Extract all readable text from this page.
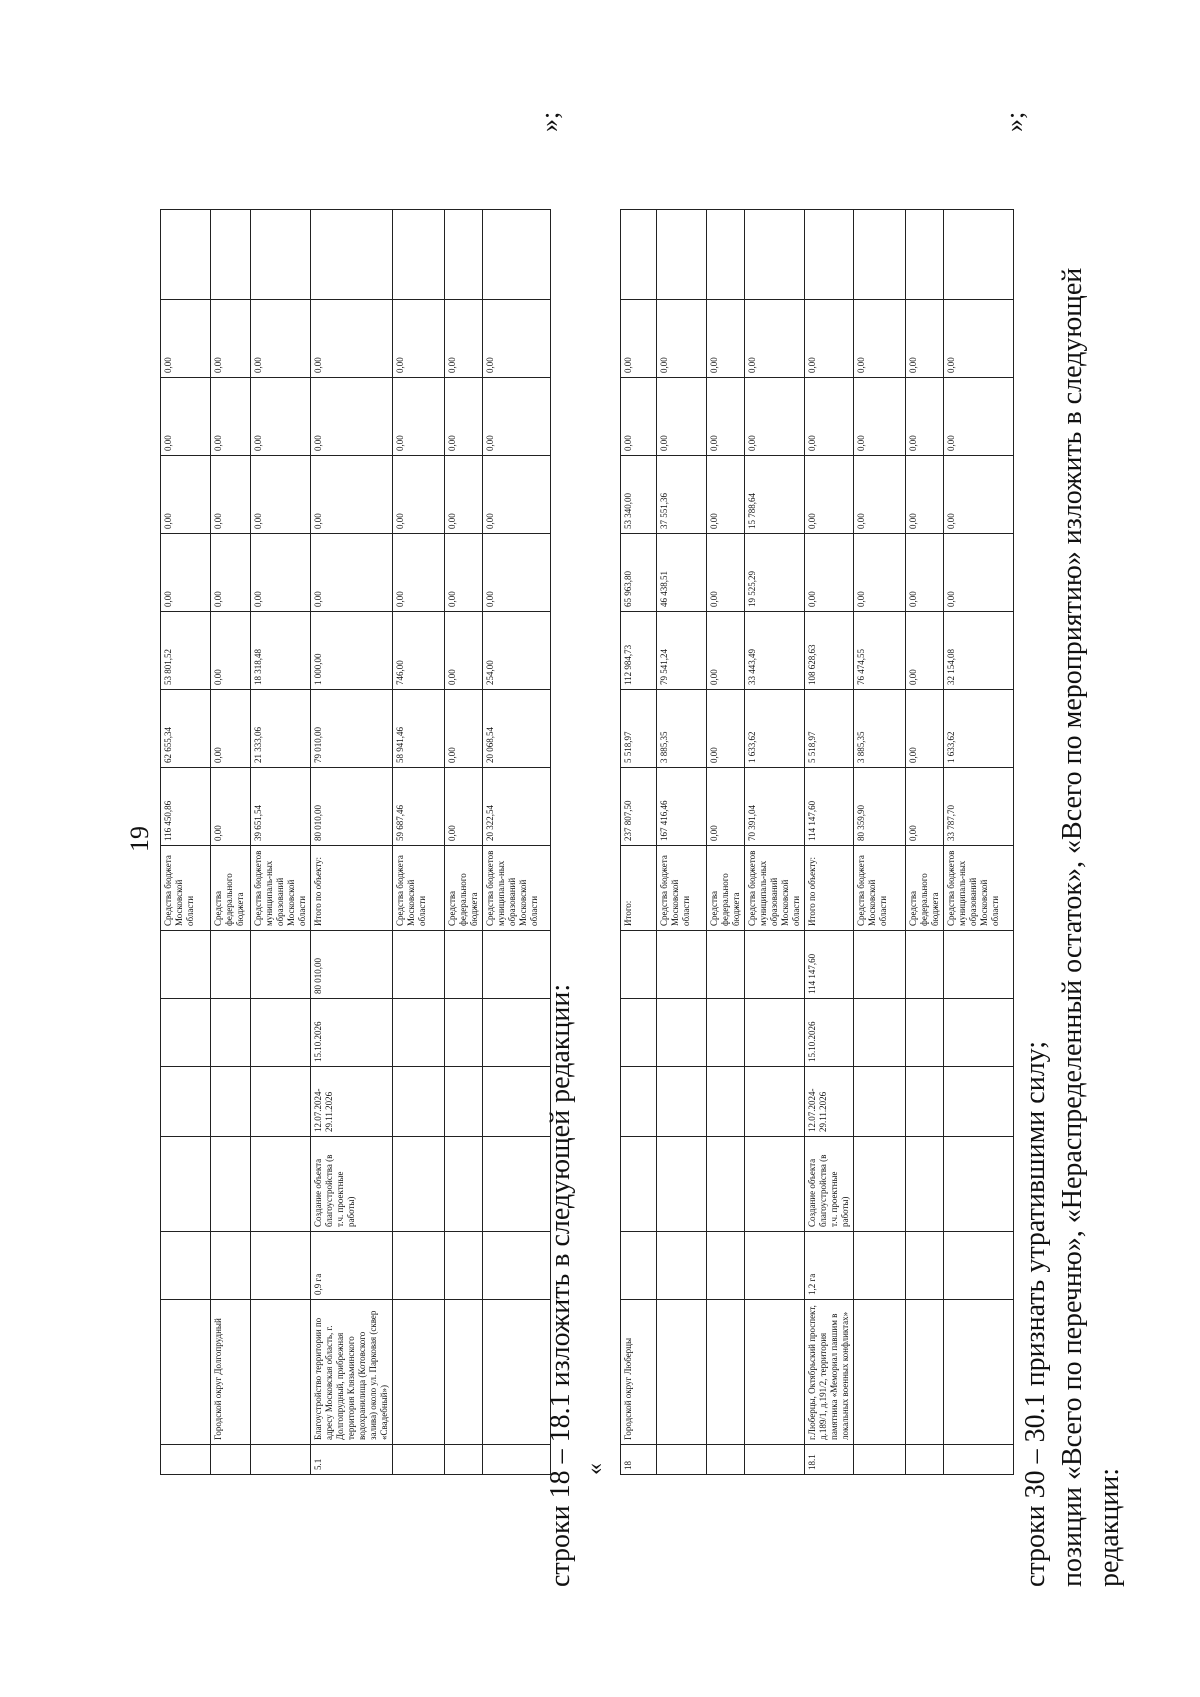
19
							Средства бюджета Московской области	116 450,86	62 655,34	53 801,52	0,00	0,00	0,00	0,00	
	Городской округ Долгопрудный						Средства федерального бюджета	0,00	0,00	0,00	0,00	0,00	0,00	0,00	
							Средства бюджетов муниципаль-ных образований Московской области	39 651,54	21 333,06	18 318,48	0,00	0,00	0,00	0,00	
5.1	Благоустройство территории по адресу Московская область, г. Долгопрудный, прибрежная территория Клязьминского водохранилища (Котовского залива) около ул. Парковая (сквер «Свадебный»)	0,9 га	Создание объекта благоустройства (в т.ч. проектные работы)	12.07.2024-29.11.2026	15.10.2026	80 010,00	Итого по объекту:	80 010,00	79 010,00	1 000,00	0,00	0,00	0,00	0,00	
							Средства бюджета Московской области	59 687,46	58 941,46	746,00	0,00	0,00	0,00	0,00	
							Средства федерального бюджета	0,00	0,00	0,00	0,00	0,00	0,00	0,00	
							Средства бюджетов муниципаль-ных образований Московской области	20 322,54	20 068,54	254,00	0,00	0,00	0,00	0,00	
»;
строки 18 – 18.1 изложить в следующей редакции: « 18	Городской округ Люберцы						Итого:	237 807,50	5 518,97	112 984,73	65 963,80	53 340,00	0,00	0,00	
							Средства бюджета Московской области	167 416,46	3 885,35	79 541,24	46 438,51	37 551,36	0,00	0,00	
							Средства федерального бюджета	0,00	0,00	0,00	0,00	0,00	0,00	0,00	
							Средства бюджетов муниципаль-ных образований Московской области	70 391,04	1 633,62	33 443,49	19 525,29	15 788,64	0,00	0,00	
18.1	г.Люберцы, Октябрьский проспект, д.189/1, д.191/2, территория памятника «Мемориал павшим в локальных военных конфликтах»	1,2 га	Создание объекта благоустройства (в т.ч. проектные работы)	12.07.2024-29.11.2026	15.10.2026	114 147,60	Итого по объекту:	114 147,60	5 518,97	108 628,63	0,00	0,00	0,00	0,00	
							Средства бюджета Московской области	80 359,90	3 885,35	76 474,55	0,00	0,00	0,00	0,00	
							Средства федерального бюджета	0,00	0,00	0,00	0,00	0,00	0,00	0,00	
							Средства бюджетов муниципаль-ных образований Московской области	33 787,70	1 633,62	32 154,08	0,00	0,00	0,00	0,00	
»;
строки 30 – 30.1 признать утратившими силу; позиции «Всего по перечню», «Нераспределенный остаток», «Всего по мероприятию» изложить в следующей редакции:
